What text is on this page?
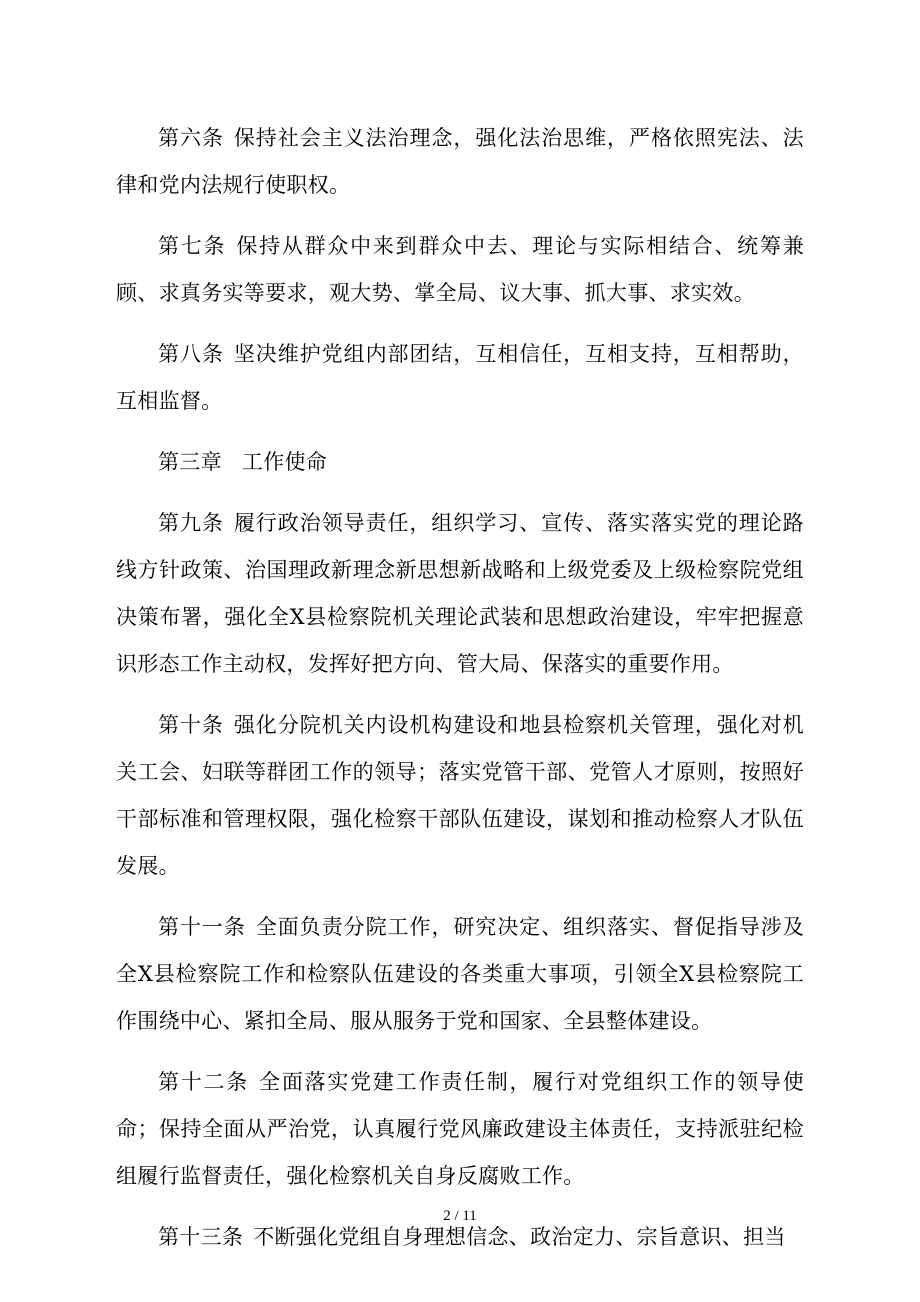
第六条 保持社会主义法治理念，强化法治思维，严格依照宪法、法律和党内法规行使职权。

第七条 保持从群众中来到群众中去、理论与实际相结合、统筹兼顾、求真务实等要求，观大势、掌全局、议大事、抓大事、求实效。

第八条 坚决维护党组内部团结，互相信任，互相支持，互相帮助，互相监督。

第三章 工作使命

第九条 履行政治领导责任，组织学习、宣传、落实落实党的理论路线方针政策、治国理政新理念新思想新战略和上级党委及上级检察院党组决策布署，强化全X县检察院机关理论武装和思想政治建设，牢牢把握意识形态工作主动权，发挥好把方向、管大局、保落实的重要作用。

第十条 强化分院机关内设机构建设和地县检察机关管理，强化对机关工会、妇联等群团工作的领导；落实党管干部、党管人才原则，按照好干部标准和管理权限，强化检察干部队伍建设，谋划和推动检察人才队伍发展。

第十一条 全面负责分院工作，研究决定、组织落实、督促指导涉及全X县检察院工作和检察队伍建设的各类重大事项，引领全X县检察院工作围绕中心、紧扣全局、服从服务于党和国家、全县整体建设。

第十二条 全面落实党建工作责任制，履行对党组织工作的领导使命；保持全面从严治党，认真履行党风廉政建设主体责任，支持派驻纪检组履行监督责任，强化检察机关自身反腐败工作。

第十三条 不断强化党组自身理想信念、政治定力、宗旨意识、担当

2 / 11
